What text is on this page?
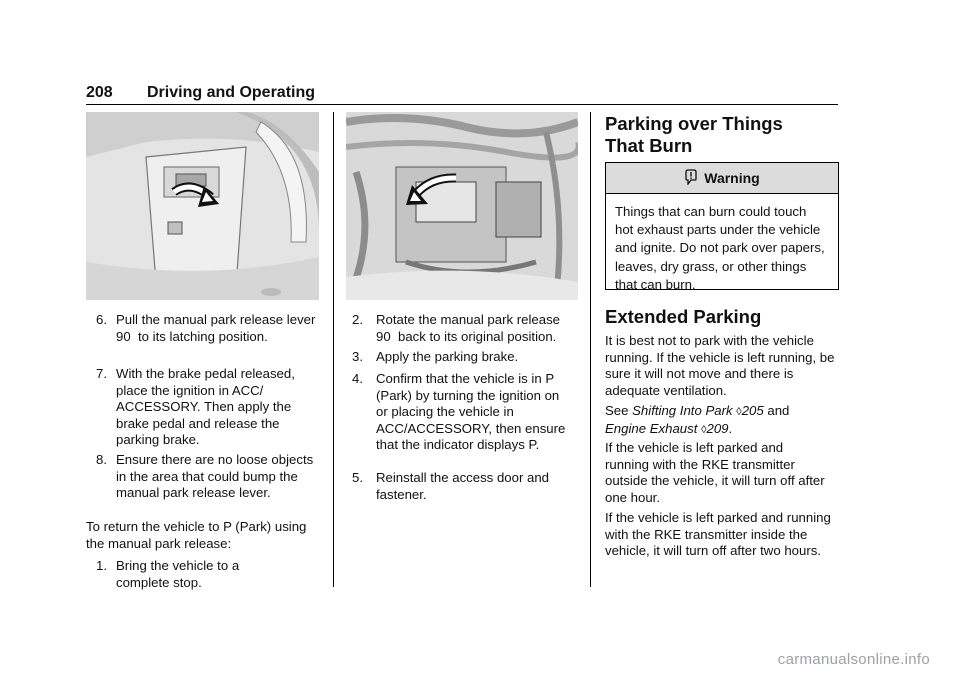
208 Driving and Operating
6. Pull the manual park release lever 90  to its latching position.
7. With the brake pedal released, place the ignition in ACC/ ACCESSORY. Then apply the brake pedal and release the parking brake.
8. Ensure there are no loose objects in the area that could bump the manual park release lever.
To return the vehicle to P (Park) using the manual park release:
1. Bring the vehicle to a complete stop.
2. Rotate the manual park release 90  back to its original position.
3. Apply the parking brake.
4. Confirm that the vehicle is in P (Park) by turning the ignition on or placing the vehicle in ACC/ACCESSORY, then ensure that the indicator displays P.
5. Reinstall the access door and fastener.
Parking over Things
That Burn
Warning
Things that can burn could touch hot exhaust parts under the vehicle and ignite. Do not park over papers, leaves, dry grass, or other things that can burn.
Extended Parking
It is best not to park with the vehicle running. If the vehicle is left running, be sure it will not move and there is adequate ventilation.
See Shifting Into Park ◊205 and
Engine Exhaust ◊209.
If the vehicle is left parked and running with the RKE transmitter outside the vehicle, it will turn off after one hour.
If the vehicle is left parked and running with the RKE transmitter inside the vehicle, it will turn off after two hours.
carmanualsonline.info
